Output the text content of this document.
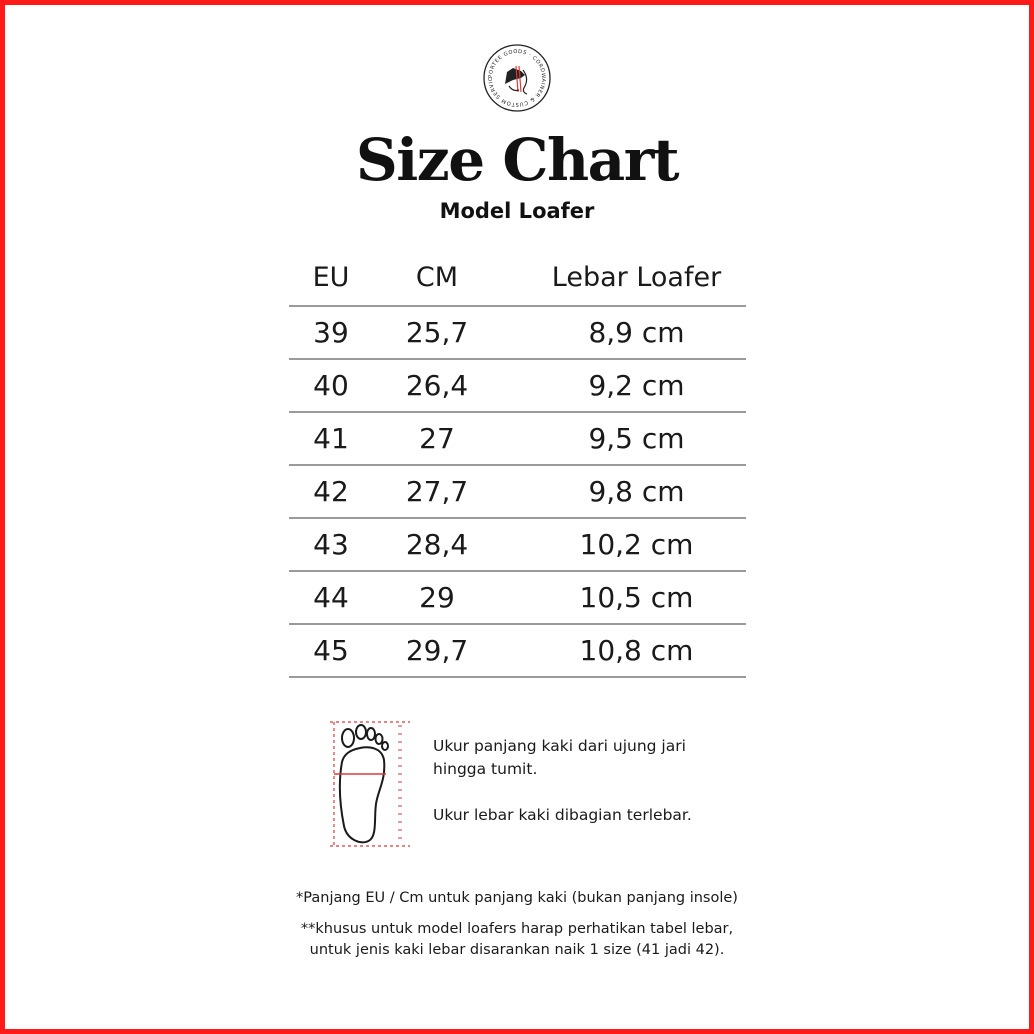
PORTEE GOODS · CORDWAINER & CUSTOM SERVIC
Size Chart
Model Loafer
EU	CM	Lebar Loafer
39	25,7	8,9 cm
40	26,4	9,2 cm
41	27	9,5 cm
42	27,7	9,8 cm
43	28,4	10,2 cm
44	29	10,5 cm
45	29,7	10,8 cm

Ukur panjang kaki dari ujung jari hingga tumit.

Ukur lebar kaki dibagian terlebar.

*Panjang EU / Cm untuk panjang kaki (bukan panjang insole)

**khusus untuk model loafers harap perhatikan tabel lebar,

untuk jenis kaki lebar disarankan naik 1 size (41 jadi 42).
